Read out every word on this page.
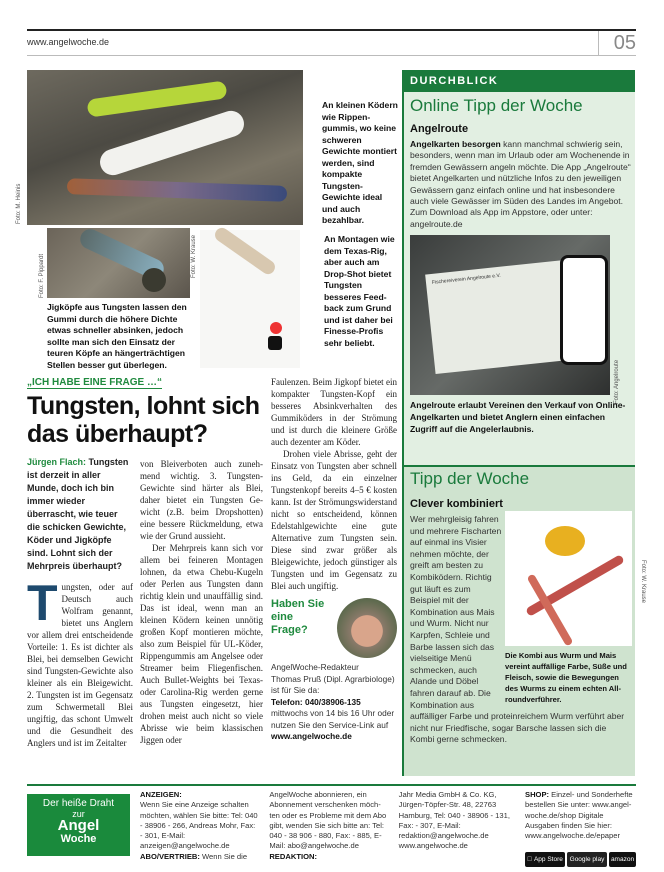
www.angelwoche.de	05
Foto: M. Heinis
An kleinen Ködern wie Rippengummis, wo keine schweren Gewichte montiert werden, sind kompakte Tungsten-Gewichte ideal und auch bezahlbar.
Foto: F. Pippardt
Jigköpfe aus Tungsten lassen den Gummi durch die höhere Dichte etwas schneller absinken, jedoch sollte man sich den Einsatz der teuren Köpfe an hängerträchtigen Stellen besser gut überlegen.
Foto: W. Krause	An Montagen wie dem Texas-Rig, aber auch am Drop-Shot bietet Tungsten besseres Feedback zum Grund und ist daher bei Finesse-Profis sehr beliebt.
„ICH HABE EINE FRAGE …“
Tungsten, lohnt sich das überhaupt?
Jürgen Flach: Tungsten ist derzeit in aller Munde, doch ich bin immer wieder überrascht, wie teuer die schicken Gewichte, Köder und Jigköpfe sind. Lohnt sich der Mehrpreis überhaupt?
Tungsten, oder auf Deutsch auch Wolfram genannt, bietet uns Anglern vor allem drei entscheidende Vorteile: 1. Es ist dichter als Blei, bei demselben Gewicht sind Tungsten-Gewichte also kleiner als ein Bleigewicht. 2. Tungsten ist im Gegensatz zum Schwermetall Blei ungiftig, das schont Umwelt und die Gesundheit des Anglers und ist im Zeitalter
von Bleiverboten auch zunehmend wichtig. 3. Tungsten-Gewichte sind härter als Blei, daher bietet ein Tungsten Gewicht (z.B. beim Dropshotten) eine bessere Rückmeldung, etwa wie der Grund aussieht.
Der Mehrpreis kann sich vor allem bei feineren Montagen lohnen, da etwa Chebu-Kugeln oder Perlen aus Tungsten dann richtig klein und unauffällig sind. Das ist ideal, wenn man an kleinen Ködern keinen unnötig großen Kopf montieren möchte, also zum Beispiel für UL-Köder, Rippengummis am Angelsee oder Streamer beim Fliegenfischen. Auch Bullet-Weights bei Texas- oder Carolina-Rig werden gerne aus Tungsten eingesetzt, hier drohen meist auch nicht so viele Abrisse wie beim klassischen Jiggen oder
Faulenzen. Beim Jigkopf bietet ein kompakter Tungsten-Kopf ein besseres Absinkverhalten des Gummiköders in der Strömung und ist durch die kleinere Größe auch dezenter am Köder.
Drohen viele Abrisse, geht der Einsatz von Tungsten aber schnell ins Geld, da ein einzelner Tungstenkopf bereits 4–5 € kosten kann. Ist der Strömungswiderstand nicht so entscheidend, können Edelstahlgewichte eine gute Alternative zum Tungsten sein. Diese sind zwar größer als Bleigewichte, jedoch günstiger als Tungsten und im Gegensatz zu Blei auch ungiftig.
Haben Sie eine Frage?
AngelWoche-Redakteur
Thomas Pruß (Dipl. Agrarbiologe) ist für Sie da:
Telefon: 040/38906-135
mittwochs von 14 bis 16 Uhr oder nutzen Sie den Service-Link auf www.angelwoche.de
DURCHBLICK
Online Tipp der Woche
Angelroute
Angelkarten besorgen kann manchmal schwierig sein, besonders, wenn man im Urlaub oder am Wochenende in fremden Gewässern angeln möchte. Die App „Angelroute“ bietet Angelkarten und nützliche Infos zu den jeweiligen Gewässern ganz einfach online und hat insbesondere auch viele Gewässer im Süden des Landes im Angebot. Zum Download als App im Appstore, oder unter: angelroute.de
Fischereiverein Angelroute e.V.
Angelroute erlaubt Vereinen den Verkauf von Online-Angelkarten und bietet Anglern einen einfachen Zugriff auf die Angelerlaubnis.
Foto: Angelroute
Tipp der Woche
Clever kombiniert
Die Kombi aus Wurm und Mais vereint auffällige Farbe, Süße und Fleisch, sowie die Bewegungen des Wurms zu einem echten Allroundverführer.
Wer mehrgleisig fahren und mehrere Fischarten auf einmal ins Visier nehmen möchte, der greift am besten zu Kombiködern. Richtig gut läuft es zum Beispiel mit der Kombination aus Mais und Wurm. Nicht nur Karpfen, Schleie und Barbe lassen sich das vielseitige Menü schmecken, auch Alande und Döbel fahren darauf ab. Die Kombination aus auffälliger Farbe und proteinreichem Wurm verführt aber nicht nur Friedfische, sogar Barsche lassen sich die Kombi gerne schmecken.
Foto: W. Krause
Der heiße Draht
zur
Angel
Woche
ANZEIGEN:
Wenn Sie eine Anzeige schalten möchten, wählen Sie bitte: Tel: 040 - 38906 - 266, Andreas Mohr, Fax: - 301, E-Mail: anzeigen@angelwoche.de ABO/VERTRIEB: Wenn Sie die AngelWoche abonnieren, ein Abonnement verschenken möchten oder es Probleme mit dem Abo gibt, wenden Sie sich bitte an: Tel: 040 - 38 906 - 880, Fax: - 885, E-Mail: abo@angelwoche.de
REDAKTION:
Jahr Media GmbH & Co. KG, Jürgen-Töpfer-Str. 48, 22763 Hamburg, Tel: 040 - 38906 - 131, Fax: - 307, E-Mail: redaktion@angelwoche.de www.angelwoche.de
SHOP: Einzel- und Sonderhefte bestellen Sie unter: www.angelwoche.de/shop Digitale Ausgaben finden Sie hier: www.angelwoche.de/epaper
App Store Google play amazon
